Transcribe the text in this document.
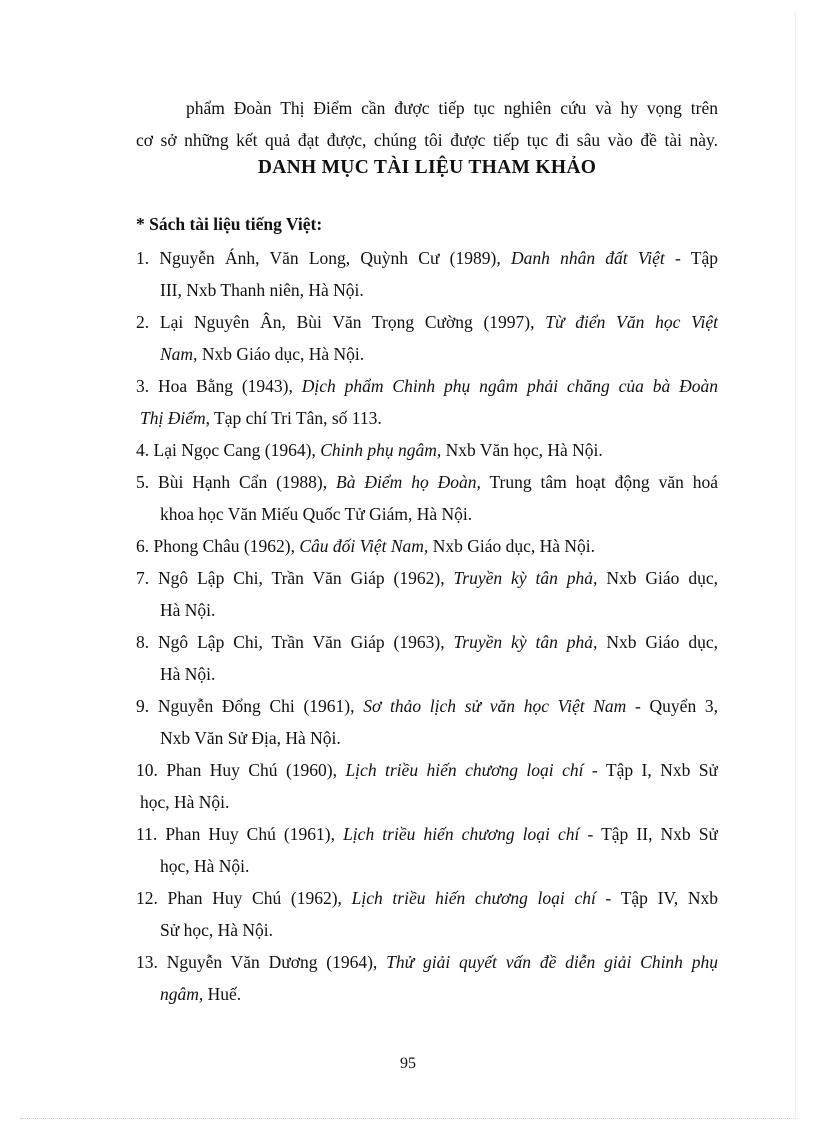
phẩm Đoàn Thị Điểm cần được tiếp tục nghiên cứu và hy vọng trên
cơ sở những kết quả đạt được, chúng tôi được tiếp tục đi sâu vào đề tài này.
DANH MỤC TÀI LIỆU THAM KHẢO
* Sách tài liệu tiếng Việt:

1. Nguyễn Ánh, Văn Long, Quỳnh Cư (1989), Danh nhân đất Việt - Tập
III, Nxb Thanh niên, Hà Nội.

2. Lại Nguyên Ân, Bùi Văn Trọng Cường (1997), Từ điển Văn học Việt
Nam, Nxb Giáo dục, Hà Nội.

3. Hoa Bằng (1943), Dịch phẩm Chinh phụ ngâm phải chăng của bà Đoàn
Thị Điểm, Tạp chí Tri Tân, số 113.

4. Lại Ngọc Cang (1964), Chinh phụ ngâm, Nxb Văn học, Hà Nội.

5. Bùi Hạnh Cẩn (1988), Bà Điểm họ Đoàn, Trung tâm hoạt động văn hoá
khoa học Văn Miếu Quốc Tử Giám, Hà Nội.

6. Phong Châu (1962), Câu đối Việt Nam, Nxb Giáo dục, Hà Nội.

7. Ngô Lập Chi, Trần Văn Giáp (1962), Truyền kỳ tân phả, Nxb Giáo dục,
Hà Nội.

8. Ngô Lập Chi, Trần Văn Giáp (1963), Truyền kỳ tân phả, Nxb Giáo dục,
Hà Nội.

9. Nguyễn Đổng Chi (1961), Sơ thảo lịch sử văn học Việt Nam - Quyển 3,
Nxb Văn Sử Địa, Hà Nội.

10. Phan Huy Chú (1960), Lịch triều hiến chương loại chí - Tập I, Nxb Sử
học, Hà Nội.

11. Phan Huy Chú (1961), Lịch triều hiến chương loại chí - Tập II, Nxb Sử
học, Hà Nội.

12. Phan Huy Chú (1962), Lịch triều hiến chương loại chí - Tập IV, Nxb
Sử học, Hà Nội.

13. Nguyễn Văn Dương (1964), Thử giải quyết vấn đề diễn giải Chinh phụ
ngâm, Huế.

95
